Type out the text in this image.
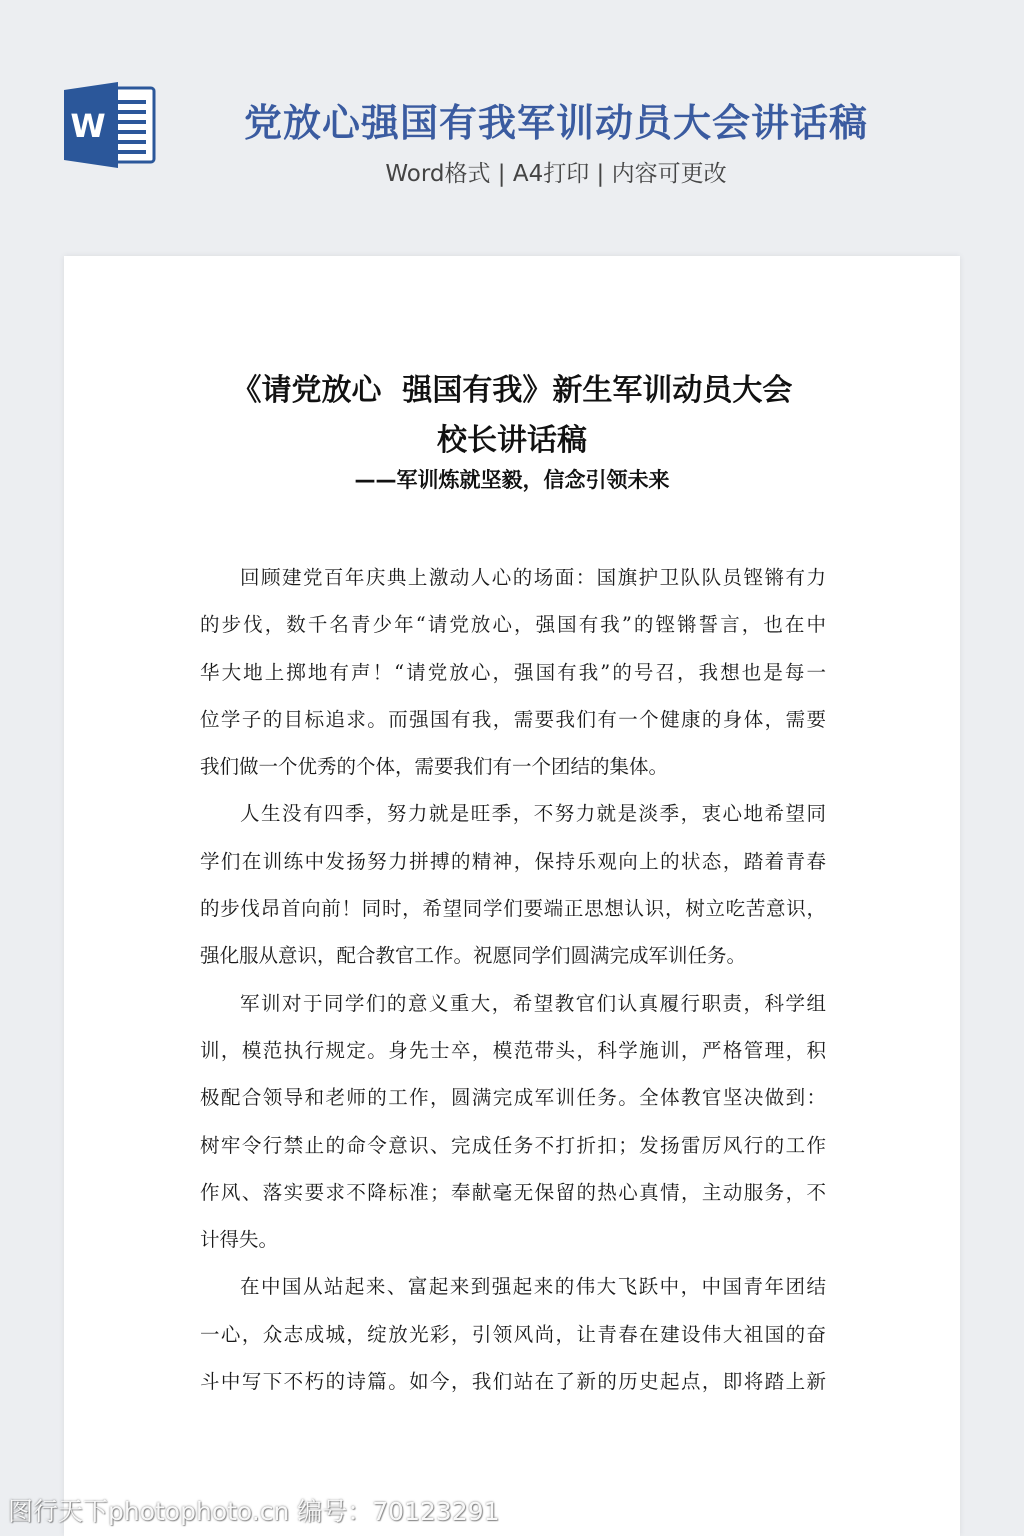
W	党放心强国有我军训动员大会讲话稿
Word格式 | A4打印 | 内容可更改
《请党放心  强国有我》新生军训动员大会
校长讲话稿
——军训炼就坚毅，信念引领未来
回顾建党百年庆典上激动人心的场面：国旗护卫队队员铿锵有力
的步伐，数千名青少年“请党放心，强国有我”的铿锵誓言，也在中
华大地上掷地有声！“请党放心，强国有我”的号召，我想也是每一
位学子的目标追求。而强国有我，需要我们有一个健康的身体，需要
我们做一个优秀的个体，需要我们有一个团结的集体。
人生没有四季，努力就是旺季，不努力就是淡季，衷心地希望同
学们在训练中发扬努力拼搏的精神，保持乐观向上的状态，踏着青春
的步伐昂首向前！同时，希望同学们要端正思想认识，树立吃苦意识，
强化服从意识，配合教官工作。祝愿同学们圆满完成军训任务。
军训对于同学们的意义重大，希望教官们认真履行职责，科学组
训，模范执行规定。身先士卒，模范带头，科学施训，严格管理，积
极配合领导和老师的工作，圆满完成军训任务。全体教官坚决做到：
树牢令行禁止的命令意识、完成任务不打折扣；发扬雷厉风行的工作
作风、落实要求不降标准；奉献毫无保留的热心真情，主动服务，不
计得失。
在中国从站起来、富起来到强起来的伟大飞跃中，中国青年团结
一心，众志成城，绽放光彩，引领风尚，让青春在建设伟大祖国的奋
斗中写下不朽的诗篇。如今，我们站在了新的历史起点，即将踏上新
图行天下photophoto.cn 编号：70123291
